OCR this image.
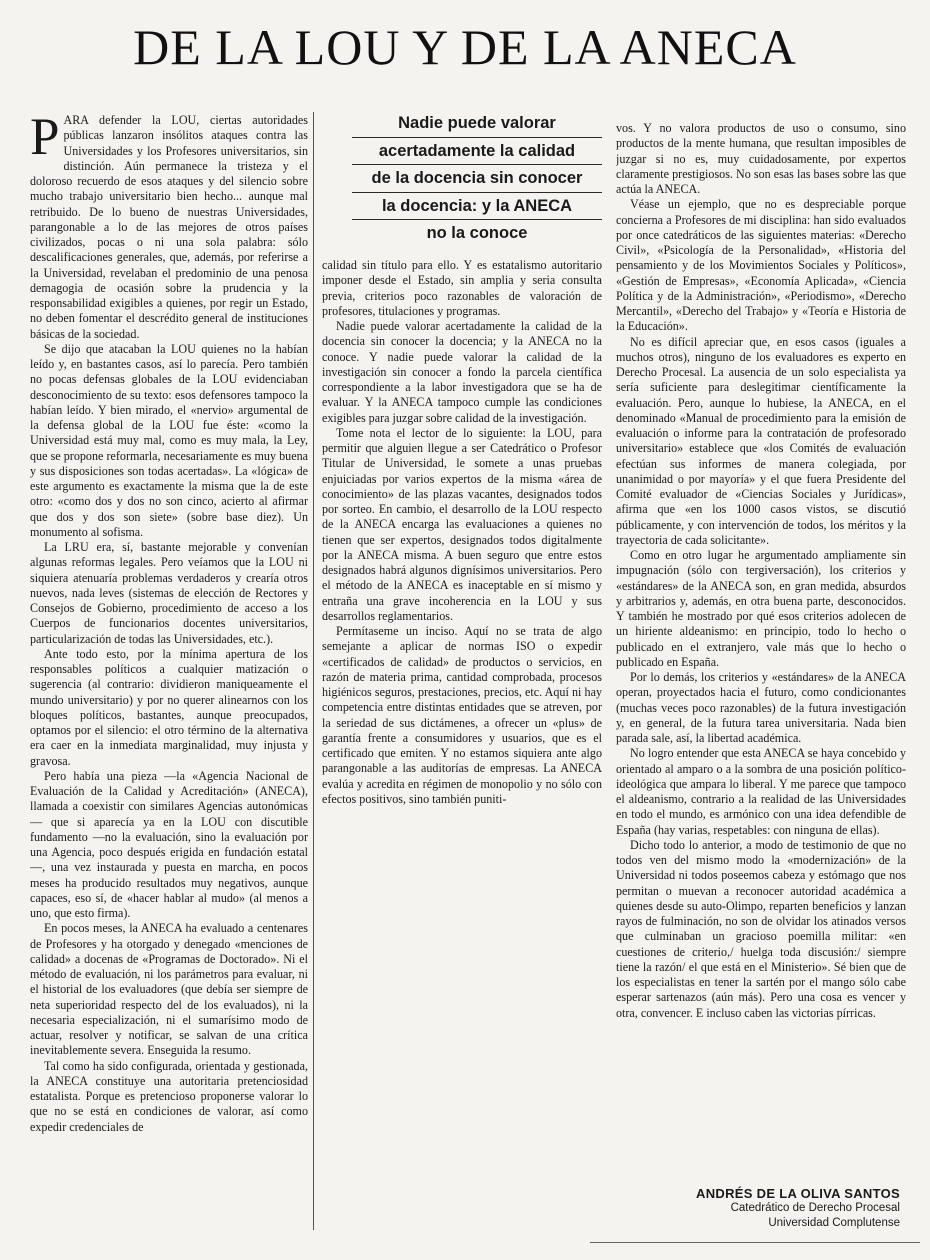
DE LA LOU Y DE LA ANECA
Nadie puede valorar
acertadamente la calidad
de la docencia sin conocer
la docencia: y la ANECA
no la conoce

PARA defender la LOU, ciertas autoridades públicas lanzaron insólitos ataques contra las Universidades y los Profesores universitarios, sin distinción. Aún permanece la tristeza y el doloroso recuerdo de esos ataques y del silencio sobre mucho trabajo universitario bien hecho... aunque mal retribuido. De lo bueno de nuestras Universidades, parangonable a lo de las mejores de otros países civilizados, pocas o ni una sola palabra: sólo descalificaciones generales, que, además, por referirse a la Universidad, revelaban el predominio de una penosa demagogia de ocasión sobre la prudencia y la responsabilidad exigibles a quienes, por regir un Estado, no deben fomentar el descrédito general de instituciones básicas de la sociedad.

Se dijo que atacaban la LOU quienes no la habían leído y, en bastantes casos, así lo parecía. Pero también no pocas defensas globales de la LOU evidenciaban desconocimiento de su texto: esos defensores tampoco la habían leído. Y bien mirado, el «nervio» argumental de la defensa global de la LOU fue éste: «como la Universidad está muy mal, como es muy mala, la Ley, que se propone reformarla, necesariamente es muy buena y sus disposiciones son todas acertadas». La «lógica» de este argumento es exactamente la misma que la de este otro: «como dos y dos no son cinco, acierto al afirmar que dos y dos son siete» (sobre base diez). Un monumento al sofisma.

La LRU era, sí, bastante mejorable y convenían algunas reformas legales. Pero veíamos que la LOU ni siquiera atenuaría problemas verdaderos y crearía otros nuevos, nada leves (sistemas de elección de Rectores y Consejos de Gobierno, procedimiento de acceso a los Cuerpos de funcionarios docentes universitarios, particularización de todas las Universidades, etc.).

Ante todo esto, por la mínima apertura de los responsables políticos a cualquier matización o sugerencia (al contrario: dividieron maniqueamente el mundo universitario) y por no querer alinearnos con los bloques políticos, bastantes, aunque preocupados, optamos por el silencio: el otro término de la alternativa era caer en la inmediata marginalidad, muy injusta y gravosa.

Pero había una pieza —la «Agencia Nacional de Evaluación de la Calidad y Acreditación» (ANECA), llamada a coexistir con similares Agencias autonómicas— que si aparecía ya en la LOU con discutible fundamento —no la evaluación, sino la evaluación por una Agencia, poco después erigida en fundación estatal—, una vez instaurada y puesta en marcha, en pocos meses ha producido resultados muy negativos, aunque capaces, eso sí, de «hacer hablar al mudo» (al menos a uno, que esto firma).

En pocos meses, la ANECA ha evaluado a centenares de Profesores y ha otorgado y denegado «menciones de calidad» a docenas de «Programas de Doctorado». Ni el método de evaluación, ni los parámetros para evaluar, ni el historial de los evaluadores (que debía ser siempre de neta superioridad respecto del de los evaluados), ni la necesaria especialización, ni el sumarísimo modo de actuar, resolver y notificar, se salvan de una crítica inevitablemente severa. Enseguida la resumo.

Tal como ha sido configurada, orientada y gestionada, la ANECA constituye una autoritaria pretenciosidad estatalista. Porque es pretencioso proponerse valorar lo que no se está en condiciones de valorar, así como expedir credenciales de

calidad sin título para ello. Y es estatalismo autoritario imponer desde el Estado, sin amplia y seria consulta previa, criterios poco razonables de valoración de profesores, titulaciones y programas.

Nadie puede valorar acertadamente la calidad de la docencia sin conocer la docencia; y la ANECA no la conoce. Y nadie puede valorar la calidad de la investigación sin conocer a fondo la parcela científica correspondiente a la labor investigadora que se ha de evaluar. Y la ANECA tampoco cumple las condiciones exigibles para juzgar sobre calidad de la investigación.

Tome nota el lector de lo siguiente: la LOU, para permitir que alguien llegue a ser Catedrático o Profesor Titular de Universidad, le somete a unas pruebas enjuiciadas por varios expertos de la misma «área de conocimiento» de las plazas vacantes, designados todos por sorteo. En cambio, el desarrollo de la LOU respecto de la ANECA encarga las evaluaciones a quienes no tienen que ser expertos, designados todos digitalmente por la ANECA misma. A buen seguro que entre estos designados habrá algunos dignísimos universitarios. Pero el método de la ANECA es inaceptable en sí mismo y entraña una grave incoherencia en la LOU y sus desarrollos reglamentarios.

Permítaseme un inciso. Aquí no se trata de algo semejante a aplicar de normas ISO o expedir «certificados de calidad» de productos o servicios, en razón de materia prima, cantidad comprobada, procesos higiénicos seguros, prestaciones, precios, etc. Aquí ni hay competencia entre distintas entidades que se atreven, por la seriedad de sus dictámenes, a ofrecer un «plus» de garantía frente a consumidores y usuarios, que es el certificado que emiten. Y no estamos siquiera ante algo parangonable a las auditorías de empresas. La ANECA evalúa y acredita en régimen de monopolio y no sólo con efectos positivos, sino también puniti-

vos. Y no valora productos de uso o consumo, sino productos de la mente humana, que resultan imposibles de juzgar si no es, muy cuidadosamente, por expertos claramente prestigiosos. No son esas las bases sobre las que actúa la ANECA.

Véase un ejemplo, que no es despreciable porque concierna a Profesores de mi disciplina: han sido evaluados por once catedráticos de las siguientes materias: «Derecho Civil», «Psicología de la Personalidad», «Historia del pensamiento y de los Movimientos Sociales y Políticos», «Gestión de Empresas», «Economía Aplicada», «Ciencia Política y de la Administración», «Periodismo», «Derecho Mercantil», «Derecho del Trabajo» y «Teoría e Historia de la Educación».

No es difícil apreciar que, en esos casos (iguales a muchos otros), ninguno de los evaluadores es experto en Derecho Procesal. La ausencia de un solo especialista ya sería suficiente para deslegitimar científicamente la evaluación. Pero, aunque lo hubiese, la ANECA, en el denominado «Manual de procedimiento para la emisión de evaluación o informe para la contratación de profesorado universitario» establece que «los Comités de evaluación efectúan sus informes de manera colegiada, por unanimidad o por mayoría» y el que fuera Presidente del Comité evaluador de «Ciencias Sociales y Jurídicas», afirma que «en los 1000 casos vistos, se discutió públicamente, y con intervención de todos, los méritos y la trayectoria de cada solicitante».

Como en otro lugar he argumentado ampliamente sin impugnación (sólo con tergiversación), los criterios y «estándares» de la ANECA son, en gran medida, absurdos y arbitrarios y, además, en otra buena parte, desconocidos. Y también he mostrado por qué esos criterios adolecen de un hiriente aldeanismo: en principio, todo lo hecho o publicado en el extranjero, vale más que lo hecho o publicado en España.

Por lo demás, los criterios y «estándares» de la ANECA operan, proyectados hacia el futuro, como condicionantes (muchas veces poco razonables) de la futura investigación y, en general, de la futura tarea universitaria. Nada bien parada sale, así, la libertad académica.

No logro entender que esta ANECA se haya concebido y orientado al amparo o a la sombra de una posición político-ideológica que ampara lo liberal. Y me parece que tampoco el aldeanismo, contrario a la realidad de las Universidades en todo el mundo, es armónico con una idea defendible de España (hay varias, respetables: con ninguna de ellas).

Dicho todo lo anterior, a modo de testimonio de que no todos ven del mismo modo la «modernización» de la Universidad ni todos poseemos cabeza y estómago que nos permitan o muevan a reconocer autoridad académica a quienes desde su auto-Olimpo, reparten beneficios y lanzan rayos de fulminación, no son de olvidar los atinados versos que culminaban un gracioso poemilla militar: «en cuestiones de criterio,/ huelga toda discusión:/ siempre tiene la razón/ el que está en el Ministerio». Sé bien que de los especialistas en tener la sartén por el mango sólo cabe esperar sartenazos (aún más). Pero una cosa es vencer y otra, convencer. E incluso caben las victorias pírricas.

ANDRÉS DE LA OLIVA SANTOS
Catedrático de Derecho Procesal
Universidad Complutense
